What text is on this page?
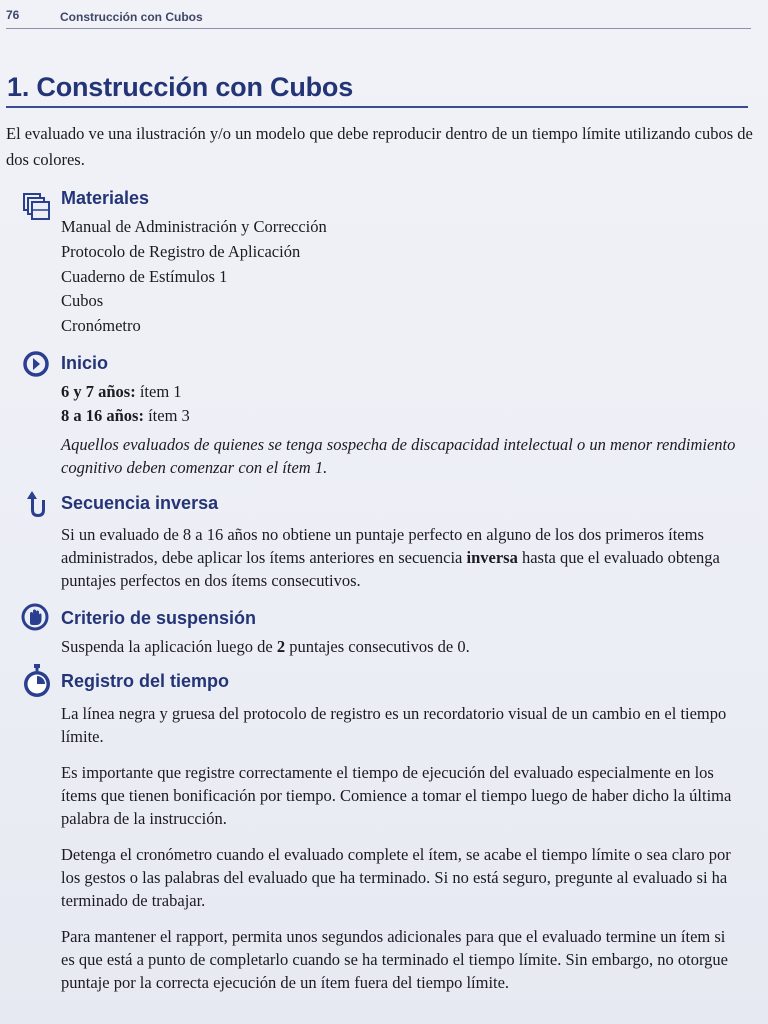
76	Construcción con Cubos
1. Construcción con Cubos

El evaluado ve una ilustración y/o un modelo que debe reproducir dentro de un tiempo límite utilizando cubos de dos colores.

Materiales

Manual de Administración y Corrección

Protocolo de Registro de Aplicación

Cuaderno de Estímulos 1

Cubos

Cronómetro

Inicio

6 y 7 años: ítem 1

8 a 16 años: ítem 3

Aquellos evaluados de quienes se tenga sospecha de discapacidad intelectual o un menor rendimiento cognitivo deben comenzar con el ítem 1.

Secuencia inversa

Si un evaluado de 8 a 16 años no obtiene un puntaje perfecto en alguno de los dos primeros ítems administrados, debe aplicar los ítems anteriores en secuencia inversa hasta que el evaluado obtenga puntajes perfectos en dos ítems consecutivos.

Criterio de suspensión

Suspenda la aplicación luego de 2 puntajes consecutivos de 0.

Registro del tiempo

La línea negra y gruesa del protocolo de registro es un recordatorio visual de un cambio en el tiempo límite.

Es importante que registre correctamente el tiempo de ejecución del evaluado especialmente en los ítems que tienen bonificación por tiempo. Comience a tomar el tiempo luego de haber dicho la última palabra de la instrucción.

Detenga el cronómetro cuando el evaluado complete el ítem, se acabe el tiempo límite o sea claro por los gestos o las palabras del evaluado que ha terminado. Si no está seguro, pregunte al evaluado si ha terminado de trabajar.

Para mantener el rapport, permita unos segundos adicionales para que el evaluado termine un ítem si es que está a punto de completarlo cuando se ha terminado el tiempo límite. Sin embargo, no otorgue puntaje por la correcta ejecución de un ítem fuera del tiempo límite.
